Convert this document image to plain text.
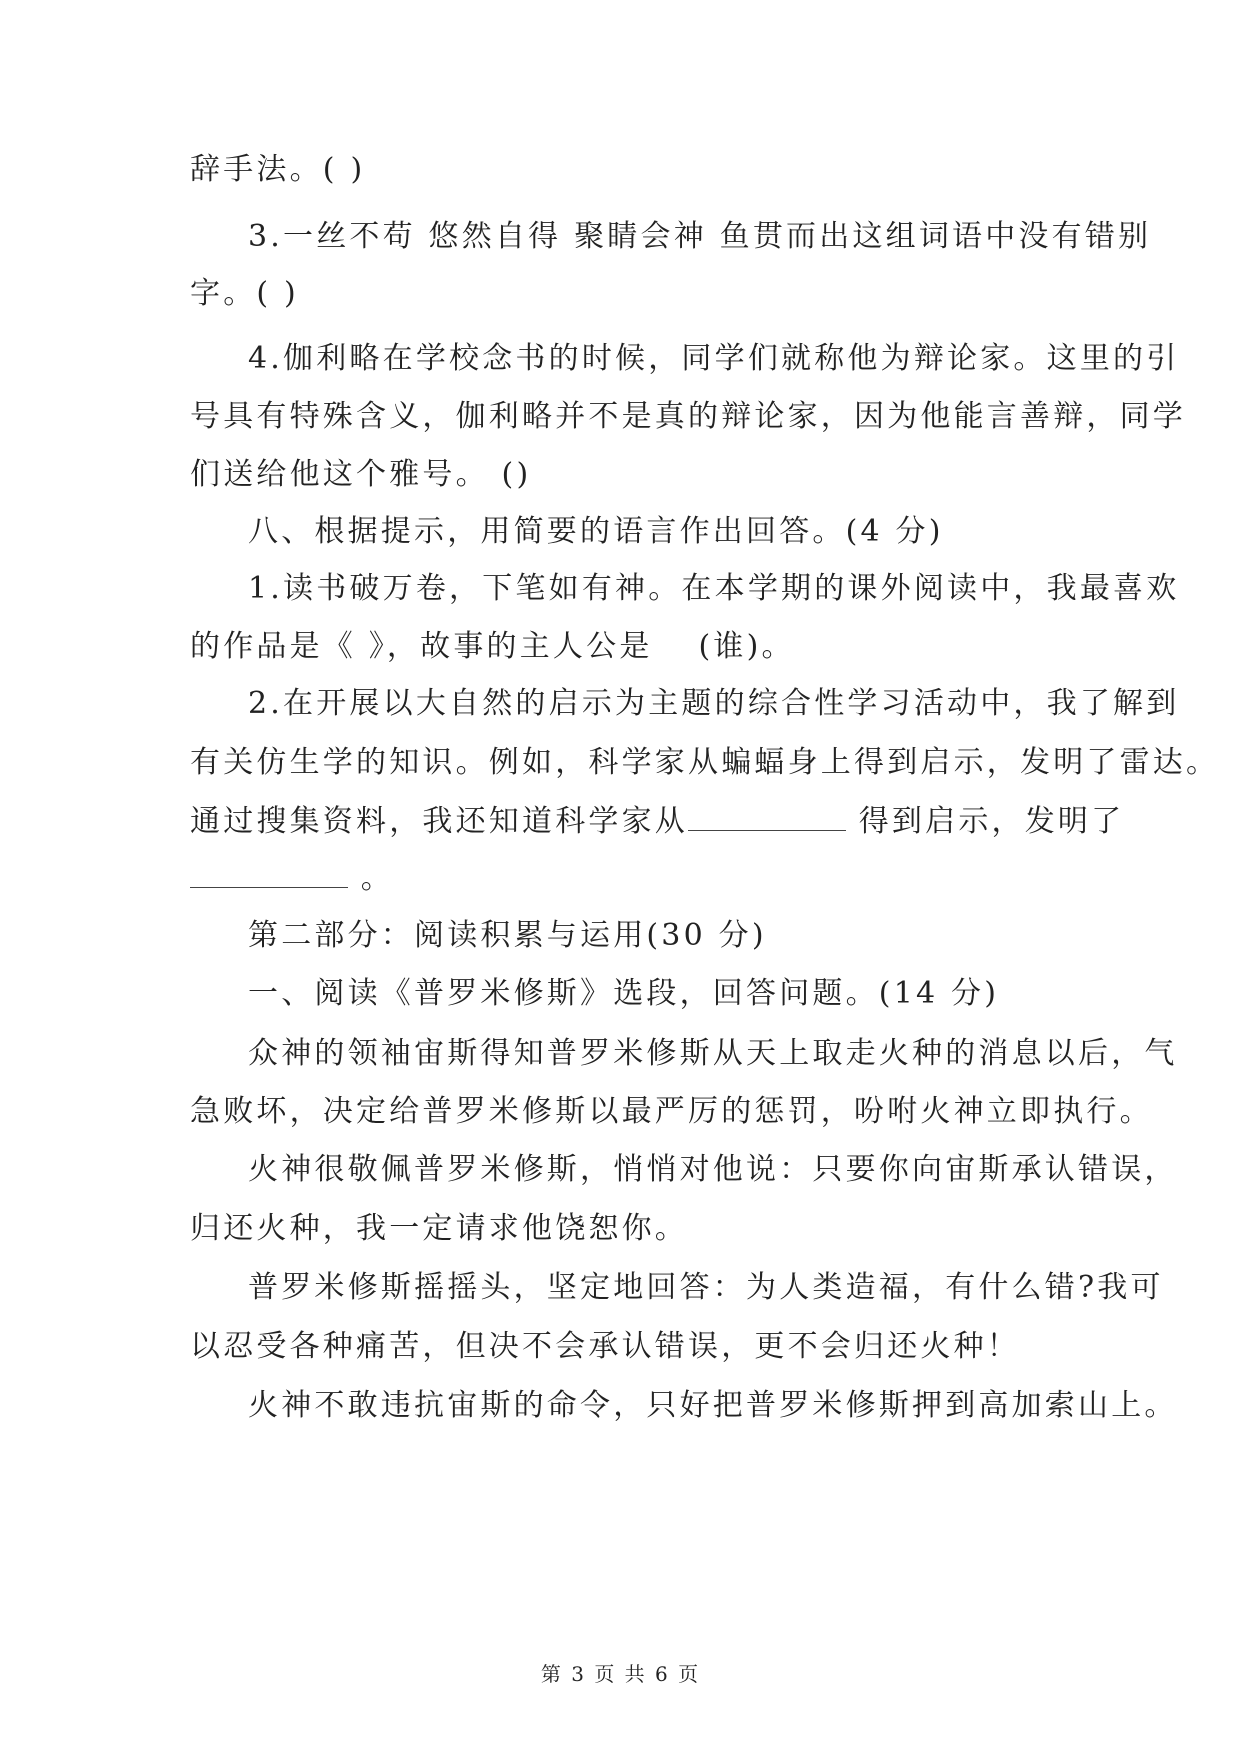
辞手法。( )
3.一丝不苟 悠然自得 聚睛会神 鱼贯而出这组词语中没有错别
字。( )
4.伽利略在学校念书的时候，同学们就称他为辩论家。这里的引
号具有特殊含义，伽利略并不是真的辩论家，因为他能言善辩，同学
们送给他这个雅号。 ()
八、根据提示，用简要的语言作出回答。(4 分)
1.读书破万卷，下笔如有神。在本学期的课外阅读中，我最喜欢
的作品是《 》，故事的主人公是　 (谁)。
2.在开展以大自然的启示为主题的综合性学习活动中，我了解到
有关仿生学的知识。例如，科学家从蝙蝠身上得到启示，发明了雷达。
通过搜集资料，我还知道科学家从	得到启示，发明了
。
第二部分：阅读积累与运用(30 分)
一、阅读《普罗米修斯》选段，回答问题。(14 分)
众神的领袖宙斯得知普罗米修斯从天上取走火种的消息以后，气
急败坏，决定给普罗米修斯以最严厉的惩罚，吩咐火神立即执行。
火神很敬佩普罗米修斯，悄悄对他说：只要你向宙斯承认错误，
归还火种，我一定请求他饶恕你。
普罗米修斯摇摇头，坚定地回答：为人类造福，有什么错?我可
以忍受各种痛苦，但决不会承认错误，更不会归还火种！
火神不敢违抗宙斯的命令，只好把普罗米修斯押到高加索山上。
第 3 页 共 6 页
